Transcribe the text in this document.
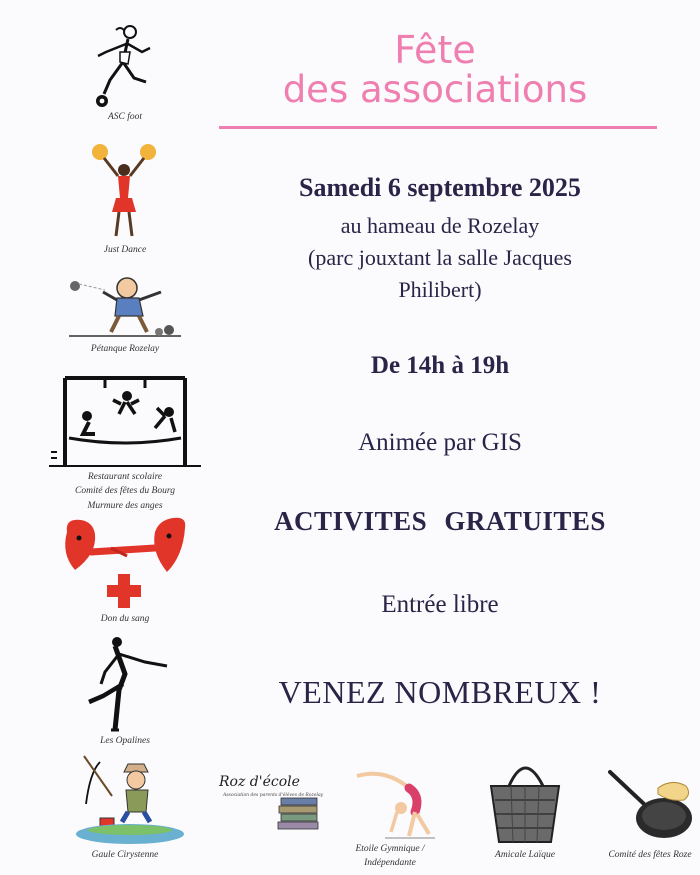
Fête
des associations
Samedi 6 septembre 2025
au hameau de Rozelay
(parc jouxtant la salle Jacques
Philibert)
De 14h à 19h
Animée par GIS
ACTIVITES GRATUITES
Entrée libre
VENEZ NOMBREUX !
ASC foot
Just Dance
Pétanque Rozelay
Restaurant scolaire
Comité des fêtes du Bourg
Murmure des anges
Don du sang
Les Opalines
Gaule Cirystenne
Roz d'école
Association des parents d'élèves de Rozelay
Etoile Gymnique /
Indépendante
Amicale Laïque	Comité des fêtes Roze
